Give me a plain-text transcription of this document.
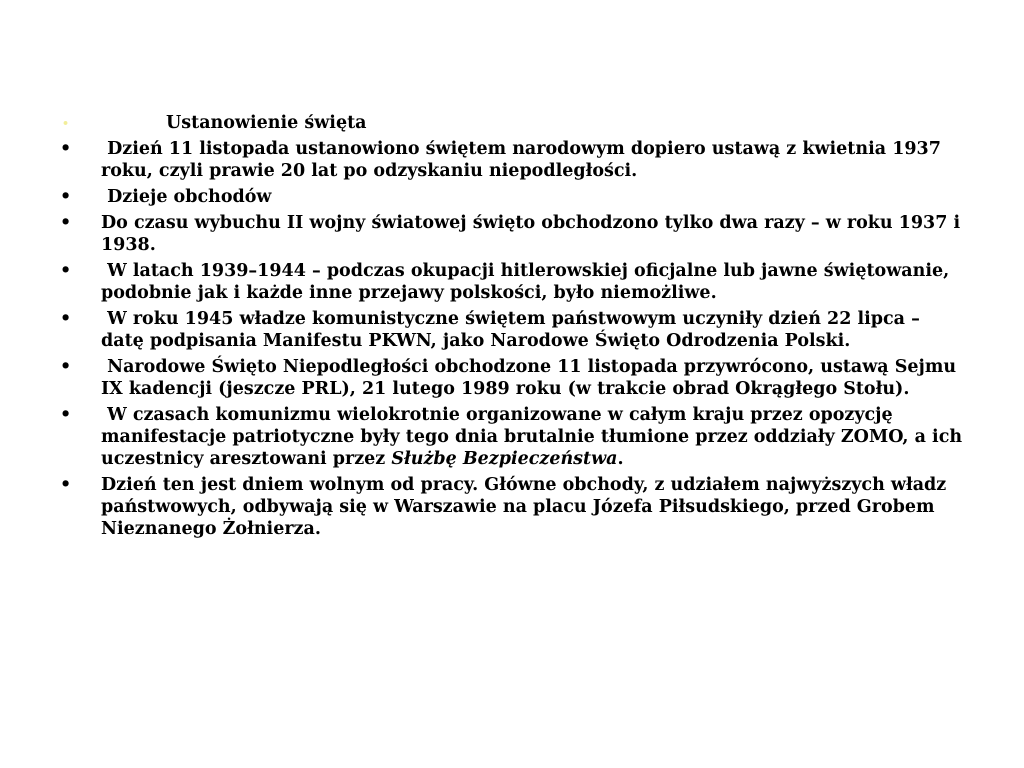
•	Ustanowienie święta
•	Dzień 11 listopada ustanowiono świętem narodowym dopiero ustawą z kwietnia 1937 roku, czyli prawie 20 lat po odzyskaniu niepodległości.
•	Dzieje obchodów
•	Do czasu wybuchu II wojny światowej święto obchodzono tylko dwa razy – w roku 1937 i 1938.
•	W latach 1939–1944 – podczas okupacji hitlerowskiej oficjalne lub jawne świętowanie, podobnie jak i każde inne przejawy polskości, było niemożliwe.
•	W roku 1945 władze komunistyczne świętem państwowym uczyniły dzień 22 lipca – datę podpisania Manifestu PKWN, jako Narodowe Święto Odrodzenia Polski.
•	Narodowe Święto Niepodległości obchodzone 11 listopada przywrócono, ustawą Sejmu IX kadencji (jeszcze PRL), 21 lutego 1989 roku (w trakcie obrad Okrągłego Stołu).
•	W czasach komunizmu wielokrotnie organizowane w całym kraju przez opozycję manifestacje patriotyczne były tego dnia brutalnie tłumione przez oddziały ZOMO, a ich uczestnicy aresztowani przez Służbę Bezpieczeństwa.
•	Dzień ten jest dniem wolnym od pracy. Główne obchody, z udziałem najwyższych władz państwowych, odbywają się w Warszawie na placu Józefa Piłsudskiego, przed Grobem Nieznanego Żołnierza.
